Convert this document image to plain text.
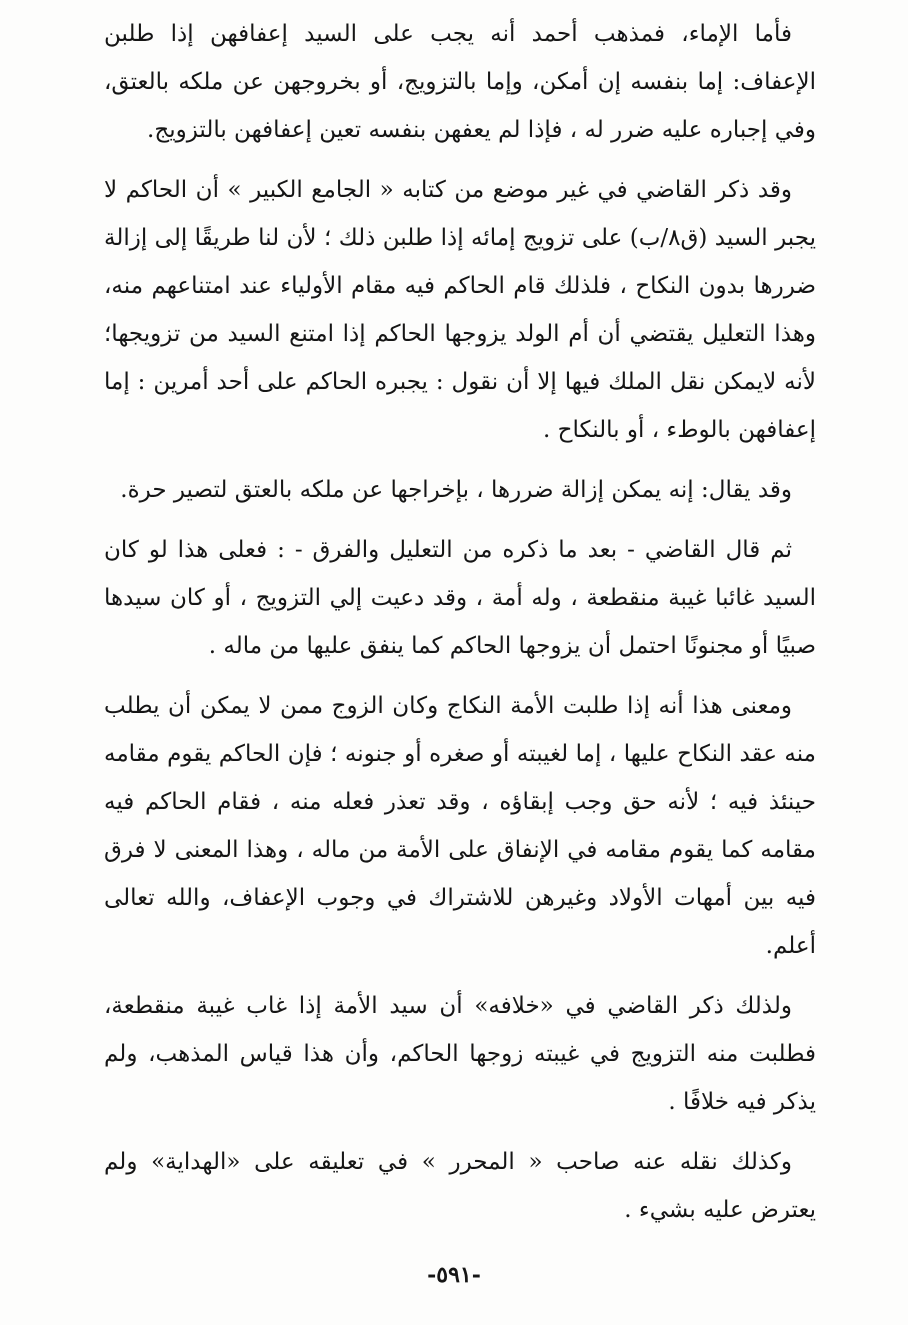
فأما الإماء، فمذهب أحمد أنه يجب على السيد إعفافهن إذا طلبن الإعفاف: إما بنفسه إن أمكن، وإما بالتزويج، أو بخروجهن عن ملكه بالعتق، وفي إجباره عليه ضرر له ، فإذا لم يعفهن بنفسه تعين إعفافهن بالتزويج.

وقد ذكر القاضي في غير موضع من كتابه « الجامع الكبير » أن الحاكم لا يجبر السيد (ق٨/ب) على تزويج إمائه إذا طلبن ذلك ؛ لأن لنا طريقًا إلى إزالة ضررها بدون النكاح ، فلذلك قام الحاكم فيه مقام الأولياء عند امتناعهم منه، وهذا التعليل يقتضي أن أم الولد يزوجها الحاكم إذا امتنع السيد من تزويجها؛ لأنه لايمكن نقل الملك فيها إلا أن نقول : يجبره الحاكم على أحد أمرين : إما إعفافهن بالوطء ، أو بالنكاح .

وقد يقال: إنه يمكن إزالة ضررها ، بإخراجها عن ملكه بالعتق لتصير حرة.

ثم قال القاضي - بعد ما ذكره من التعليل والفرق - : فعلى هذا لو كان السيد غائبا غيبة منقطعة ، وله أمة ، وقد دعيت إلي التزويج ، أو كان سيدها صبيًا أو مجنونًا احتمل أن يزوجها الحاكم كما ينفق عليها من ماله .

ومعنى هذا أنه إذا طلبت الأمة النكاج وكان الزوج ممن لا يمكن أن يطلب منه عقد النكاح عليها ، إما لغيبته أو صغره أو جنونه ؛ فإن الحاكم يقوم مقامه حينئذ فيه ؛ لأنه حق وجب إبقاؤه ، وقد تعذر فعله منه ، فقام الحاكم فيه مقامه كما يقوم مقامه في الإنفاق على الأمة من ماله ، وهذا المعنى لا فرق فيه بين أمهات الأولاد وغيرهن للاشتراك في وجوب الإعفاف، والله تعالى أعلم.

ولذلك ذكر القاضي في «خلافه» أن سيد الأمة إذا غاب غيبة منقطعة، فطلبت منه التزويج في غيبته زوجها الحاكم، وأن هذا قياس المذهب، ولم يذكر فيه خلافًا .

وكذلك نقله عنه صاحب « المحرر » في تعليقه على «الهداية» ولم يعترض عليه بشيء .

-٥٩١-
